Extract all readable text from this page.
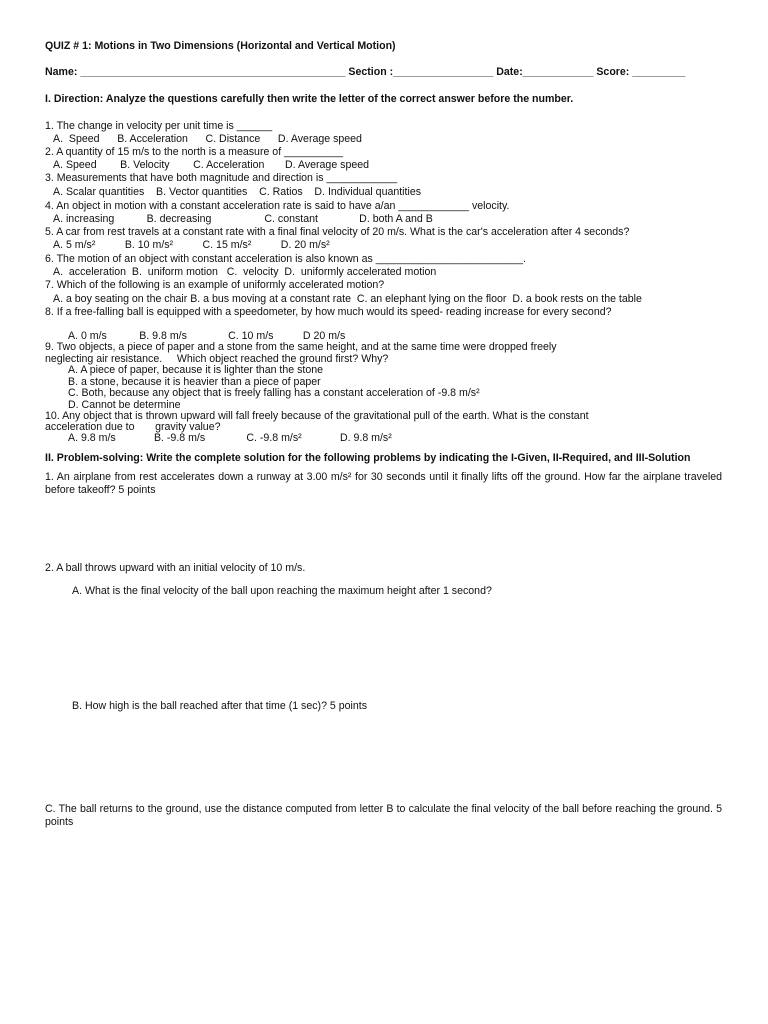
QUIZ # 1: Motions in Two Dimensions (Horizontal and Vertical Motion)
Name: _____________________________________________ Section :_________________ Date:____________ Score: _________
I. Direction: Analyze the questions carefully then write the letter of the correct answer before the number.
1. The change in velocity per unit time is ______
A.  Speed      B. Acceleration      C. Distance      D. Average speed
2. A quantity of 15 m/s to the north is a measure of __________
A. Speed        B. Velocity        C. Acceleration       D. Average speed
3. Measurements that have both magnitude and direction is ____________
A. Scalar quantities    B. Vector quantities    C. Ratios    D. Individual quantities
4. An object in motion with a constant acceleration rate is said to have a/an ____________ velocity.
A. increasing           B. decreasing                  C. constant              D. both A and B
5. A car from rest travels at a constant rate with a final final velocity of 20 m/s. What is the car's acceleration after 4 seconds?
A. 5 m/s²          B. 10 m/s²          C. 15 m/s²          D. 20 m/s²
6. The motion of an object with constant acceleration is also known as _________________________.
A.  acceleration  B.  uniform motion   C.  velocity  D.  uniformly accelerated motion
7. Which of the following is an example of uniformly accelerated motion?
A. a boy seating on the chair B. a bus moving at a constant rate  C. an elephant lying on the floor  D. a book rests on the table
8. If a free-falling ball is equipped with a speedometer, by how much would its speed- reading increase for every second?
A. 0 m/s           B. 9.8 m/s              C. 10 m/s          D 20 m/s
9. Two objects, a piece of paper and a stone from the same height, and at the same time were dropped freely
neglecting air resistance.     Which object reached the ground first? Why?
A. A piece of paper, because it is lighter than the stone
B. a stone, because it is heavier than a piece of paper
C. Both, because any object that is freely falling has a constant acceleration of -9.8 m/s²
D. Cannot be determine
10. Any object that is thrown upward will fall freely because of the gravitational pull of the earth. What is the constant
acceleration due to       gravity value?
A. 9.8 m/s             B. -9.8 m/s              C. -9.8 m/s²             D. 9.8 m/s²
II. Problem-solving: Write the complete solution for the following problems by indicating the I-Given, II-Required, and III-Solution
1. An airplane from rest accelerates down a runway at 3.00 m/s² for 30 seconds until it finally lifts off the ground. How far the airplane traveled before takeoff? 5 points
2. A ball throws upward with an initial velocity of 10 m/s.
A. What is the final velocity of the ball upon reaching the maximum height after 1 second?
B. How high is the ball reached after that time (1 sec)? 5 points
C. The ball returns to the ground, use the distance computed from letter B to calculate the final velocity of the ball before reaching the ground. 5 points
